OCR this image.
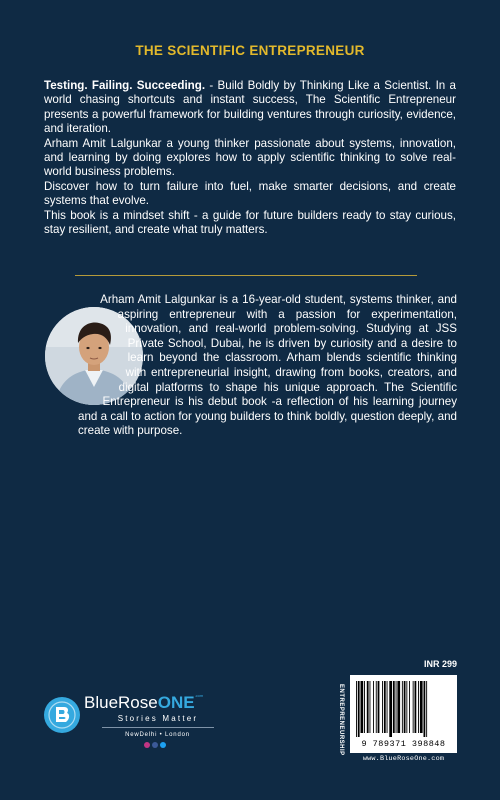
THE SCIENTIFIC ENTREPRENEUR

Testing. Failing. Succeeding. - Build Boldly by Thinking Like a Scientist. In a world chasing shortcuts and instant success, The Scientific Entrepreneur presents a powerful framework for building ventures through curiosity, evidence, and iteration.

Arham Amit Lalgunkar a young thinker passionate about systems, innovation, and learning by doing explores how to apply scientific thinking to solve real-world business problems.

Discover how to turn failure into fuel, make smarter decisions, and create systems that evolve.

This book is a mindset shift - a guide for future builders ready to stay curious, stay resilient, and create what truly matters.

Arham Amit Lalgunkar is a 16-year-old student, systems thinker, and aspiring entrepreneur with a passion for experimentation, innovation, and real-world problem-solving. Studying at JSS Private School, Dubai, he is driven by curiosity and a desire to learn beyond the classroom. Arham blends scientific thinking with entrepreneurial insight, drawing from books, creators, and digital platforms to shape his unique approach. The Scientific Entrepreneur is his debut book -a reflection of his learning journey and a call to action for young builders to think boldly, question deeply, and create with purpose.
INR 299
ENTREPRENEURSHIP	9 789371 398848
www.BlueRoseOne.com
BlueRoseONE$^{.com}$
Stories Matter
NewDelhi • London
